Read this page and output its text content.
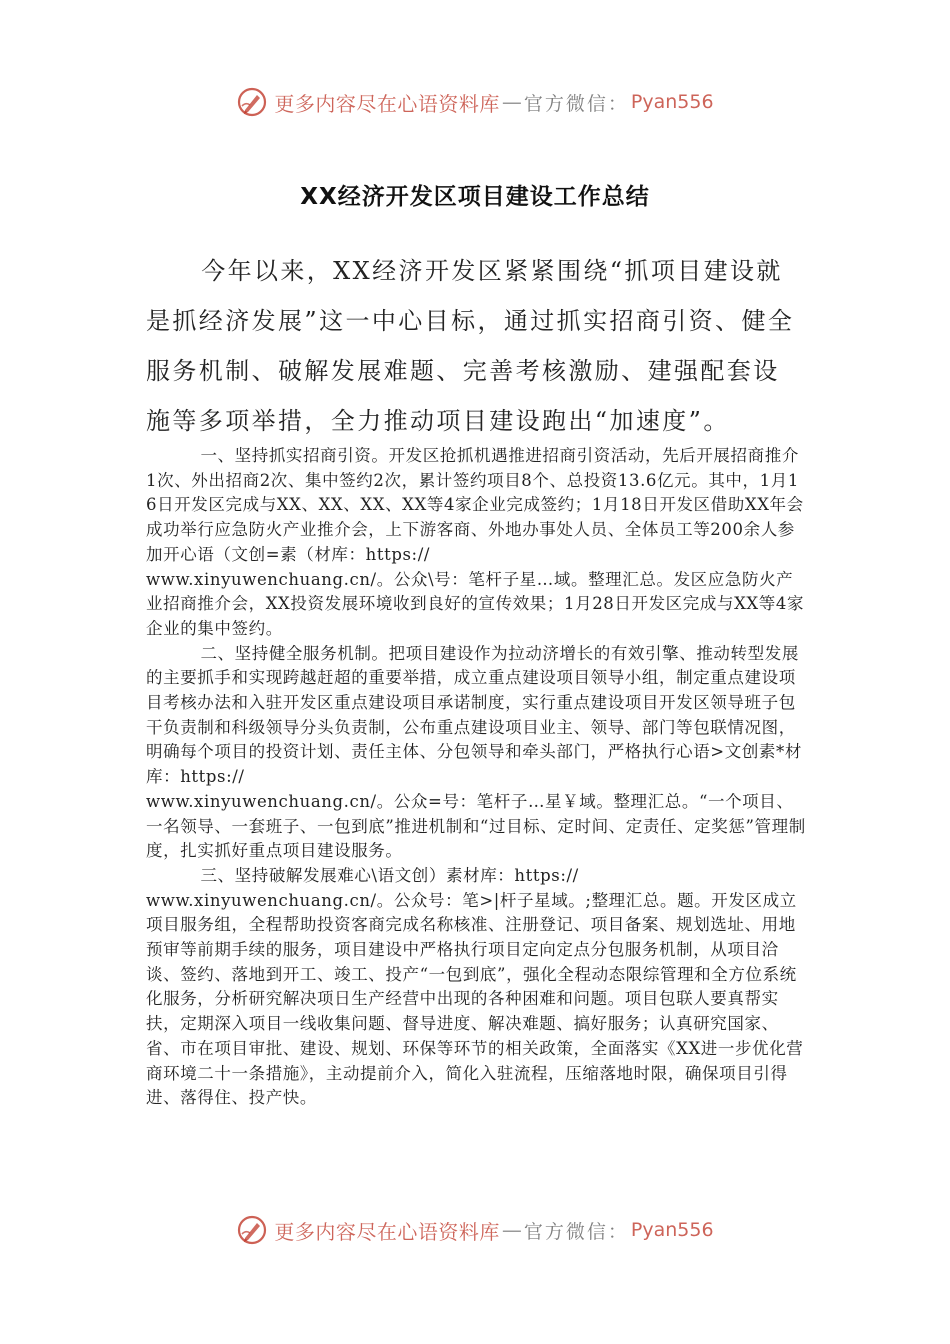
更多内容尽在心语资料库 — 官方微信： Pyan556
XX经济开发区项目建设工作总结

今年以来，XX经济开发区紧紧围绕“抓项目建设就是抓经济发展”这一中心目标，通过抓实招商引资、健全服务机制、破解发展难题、完善考核激励、建强配套设施等多项举措，全力推动项目建设跑出“加速度”。

一、坚持抓实招商引资。开发区抢抓机遇推进招商引资活动，先后开展招商推介1次、外出招商2次、集中签约2次，累计签约项目8个、总投资13.6亿元。其中，1月16日开发区完成与XX、XX、XX、XX等4家企业完成签约；1月18日开发区借助XX年会成功举行应急防火产业推介会，上下游客商、外地办事处人员、全体员工等200余人参加开心语（文创=素（材库：https://
www.xinyuwenchuang.cn/。公众\号：笔杆子星…域。整理汇总。发区应急防火产业招商推介会，XX投资发展环境收到良好的宣传效果；1月28日开发区完成与XX等4家企业的集中签约。

二、坚持健全服务机制。把项目建设作为拉动济增长的有效引擎、推动转型发展的主要抓手和实现跨越赶超的重要举措，成立重点建设项目领导小组，制定重点建设项目考核办法和入驻开发区重点建设项目承诺制度，实行重点建设项目开发区领导班子包干负责制和科级领导分头负责制，公布重点建设项目业主、领导、部门等包联情况图，明确每个项目的投资计划、责任主体、分包领导和牵头部门，严格执行心语>文创素*材库：https://
www.xinyuwenchuang.cn/。公众=号：笔杆子…星￥域。整理汇总。“一个项目、一名领导、一套班子、一包到底”推进机制和“过目标、定时间、定责任、定奖惩”管理制度，扎实抓好重点项目建设服务。

三、坚持破解发展难心\语文创）素材库：https://
www.xinyuwenchuang.cn/。公众号：笔>|杆子星域。;整理汇总。题。开发区成立项目服务组，全程帮助投资客商完成名称核准、注册登记、项目备案、规划选址、用地预审等前期手续的服务，项目建设中严格执行项目定向定点分包服务机制，从项目洽谈、签约、落地到开工、竣工、投产“一包到底”，强化全程动态限综管理和全方位系统化服务，分析研究解决项日生产经营中出现的各种困难和问题。项目包联人要真帮实扶，定期深入项目一线收集问题、督导进度、解决难题、搞好服务；认真研究国家、省、市在项目审批、建设、规划、环保等环节的相关政策，全面落实《XX进一步优化营商环境二十一条措施》，主动提前介入，简化入驻流程，压缩落地时限，确保项目引得进、落得住、投产快。

更多内容尽在心语资料库 — 官方微信： Pyan556
